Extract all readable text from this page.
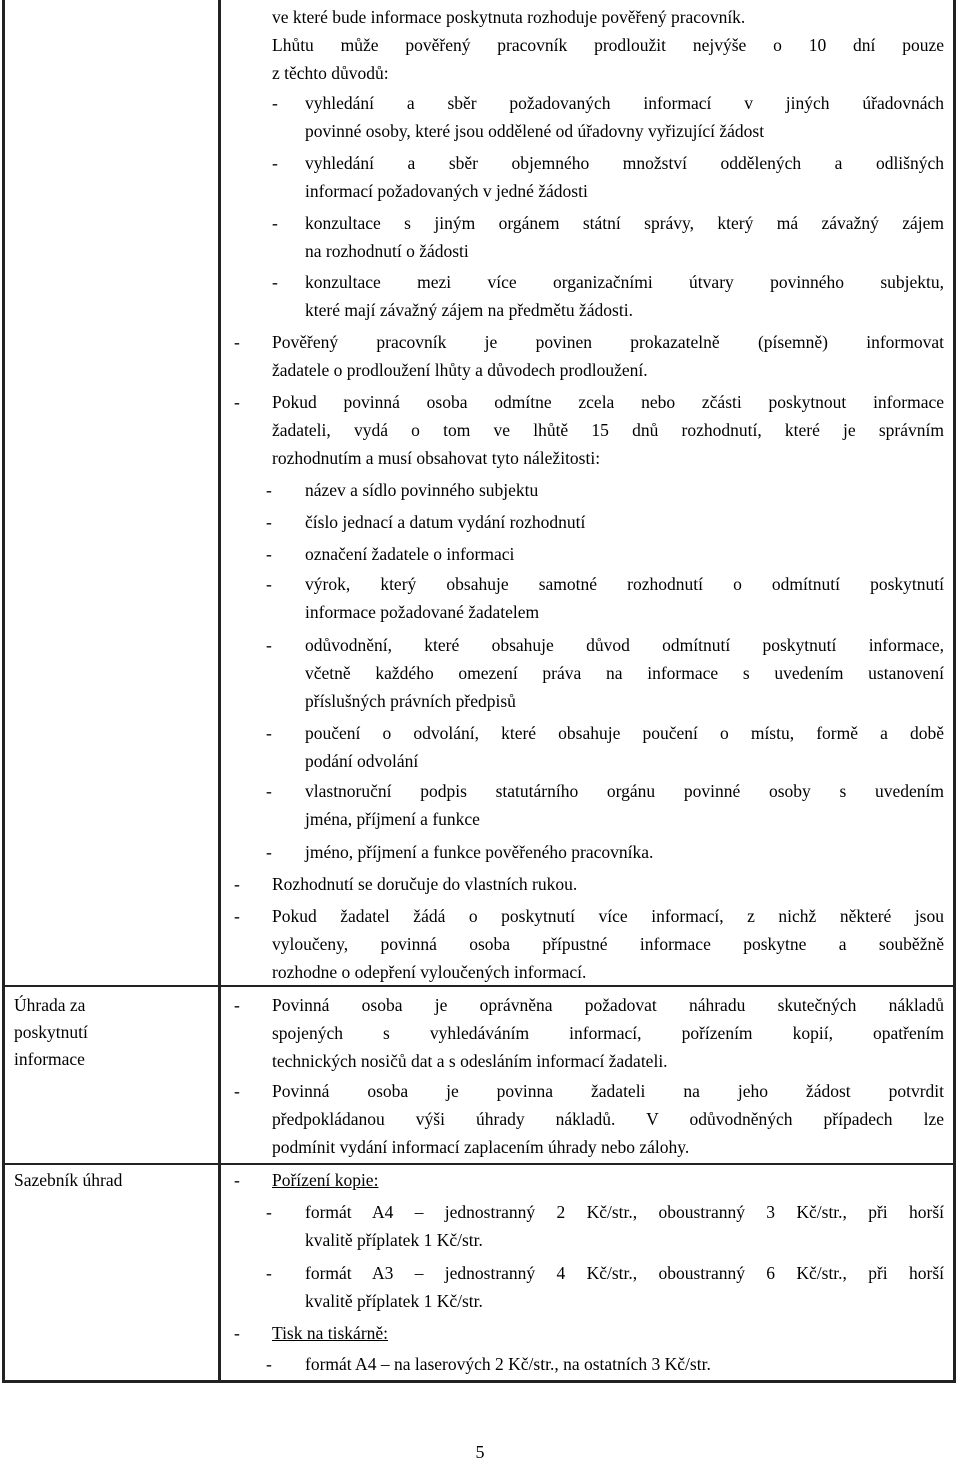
ve které bude informace poskytnuta rozhoduje pověřený pracovník.
Lhůtu může pověřený pracovník prodloužit nejvýše o 10 dní pouze
z těchto důvodů:
- vyhledání a sběr požadovaných informací v jiných úřadovnách
povinné osoby, které jsou oddělené od úřadovny vyřizující žádost
- vyhledání a sběr objemného množství oddělených a odlišných
informací požadovaných v jedné žádosti
- konzultace s jiným orgánem státní správy, který má závažný zájem
na rozhodnutí o žádosti
- konzultace mezi více organizačními útvary povinného subjektu,
které mají závažný zájem na předmětu žádosti.
- Pověřený pracovník je povinen prokazatelně (písemně) informovat
žadatele o prodloužení lhůty a důvodech prodloužení.
- Pokud povinná osoba odmítne zcela nebo zčásti poskytnout informace
žadateli, vydá o tom ve lhůtě 15 dnů rozhodnutí, které je správním
rozhodnutím a musí obsahovat tyto náležitosti:
- název a sídlo povinného subjektu
- číslo jednací a datum vydání rozhodnutí
- označení žadatele o informaci
- výrok, který obsahuje samotné rozhodnutí o odmítnutí poskytnutí
informace požadované žadatelem
- odůvodnění, které obsahuje důvod odmítnutí poskytnutí informace,
včetně každého omezení práva na informace s uvedením ustanovení
příslušných právních předpisů
- poučení o odvolání, které obsahuje poučení o místu, formě a době
podání odvolání
- vlastnoruční podpis statutárního orgánu povinné osoby s uvedením
jména, příjmení a funkce
- jméno, příjmení a funkce pověřeného pracovníka.
- Rozhodnutí se doručuje do vlastních rukou.
- Pokud žadatel žádá o poskytnutí více informací, z nichž některé jsou
vyloučeny, povinná osoba přípustné informace poskytne a souběžně
rozhodne o odepření vyloučených informací.
Úhrada za
poskytnutí
informace
- Povinná osoba je oprávněna požadovat náhradu skutečných nákladů
spojených s vyhledáváním informací, pořízením kopií, opatřením
technických nosičů dat a s odesláním informací žadateli.
- Povinná osoba je povinna žadateli na jeho žádost potvrdit
předpokládanou výši úhrady nákladů. V odůvodněných případech lze
podmínit vydání informací zaplacením úhrady nebo zálohy.
Sazebník úhrad	- Pořízení kopie:
- formát A4 – jednostranný 2 Kč/str., oboustranný 3 Kč/str., při horší
kvalitě příplatek 1 Kč/str.
- formát A3 – jednostranný 4 Kč/str., oboustranný 6 Kč/str., při horší
kvalitě příplatek 1 Kč/str.
- Tisk na tiskárně:
- formát A4 – na laserových 2 Kč/str., na ostatních 3 Kč/str.
5
